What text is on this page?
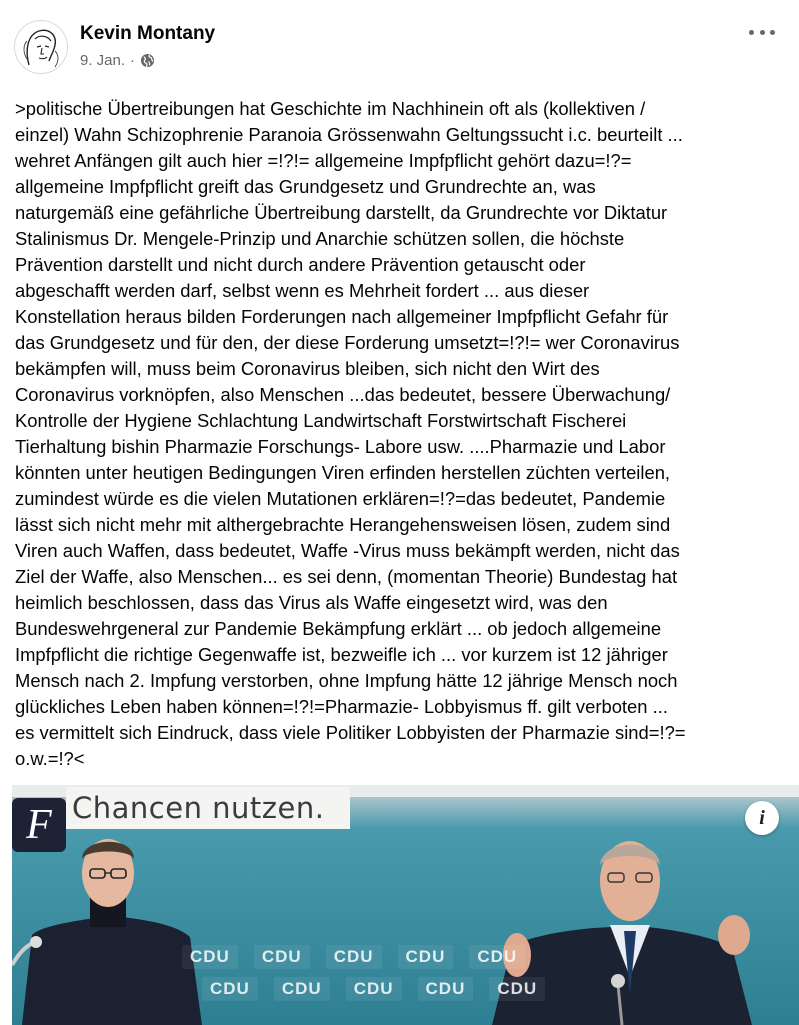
Kevin Montany
9. Jan. ·
>politische Übertreibungen hat Geschichte im Nachhinein oft als (kollektiven /
einzel) Wahn Schizophrenie Paranoia Grössenwahn Geltungssucht i.c. beurteilt ...
wehret Anfängen gilt auch hier =!?!= allgemeine Impfpflicht gehört dazu=!?=
allgemeine Impfpflicht greift das Grundgesetz und Grundrechte an, was
naturgemäß eine gefährliche Übertreibung darstellt, da Grundrechte vor Diktatur
Stalinismus Dr. Mengele-Prinzip und Anarchie schützen sollen, die höchste
Prävention darstellt und nicht durch andere Prävention getauscht oder
abgeschafft werden darf, selbst wenn es Mehrheit fordert ... aus dieser
Konstellation heraus bilden Forderungen nach allgemeiner Impfpflicht Gefahr für
das Grundgesetz und für den, der diese Forderung umsetzt=!?!= wer Coronavirus
bekämpfen will, muss beim Coronavirus bleiben, sich nicht den Wirt des
Coronavirus vorknöpfen, also Menschen ...das bedeutet, bessere Überwachung/
Kontrolle der Hygiene Schlachtung Landwirtschaft Forstwirtschaft Fischerei
Tierhaltung bishin Pharmazie Forschungs- Labore usw. ....Pharmazie und Labor
könnten unter heutigen Bedingungen Viren erfinden herstellen züchten verteilen,
zumindest würde es die vielen Mutationen erklären=!?=das bedeutet, Pandemie
lässt sich nicht mehr mit althergebrachte Herangehensweisen lösen, zudem sind
Viren auch Waffen, dass bedeutet, Waffe -Virus muss bekämpft werden, nicht das
Ziel der Waffe, also Menschen... es sei denn, (momentan Theorie) Bundestag hat
heimlich beschlossen, dass das Virus als Waffe eingesetzt wird, was den
Bundeswehrgeneral zur Pandemie Bekämpfung erklärt ... ob jedoch allgemeine
Impfpflicht die richtige Gegenwaffe ist, bezweifle ich ... vor kurzem ist 12 jähriger
Mensch nach 2. Impfung verstorben, ohne Impfung hätte 12 jährige Mensch noch
glückliches Leben haben können=!?!=Pharmazie- Lobbyismus ff. gilt verboten ...
es vermittelt sich Eindruck, dass viele Politiker Lobbyisten der Pharmazie sind=!?=
o.w.=!?<
CDU	CDU	CDU	CDU	CDU
CDU	CDU	CDU	CDU	CDU
Chancen nutzen.
F	i
